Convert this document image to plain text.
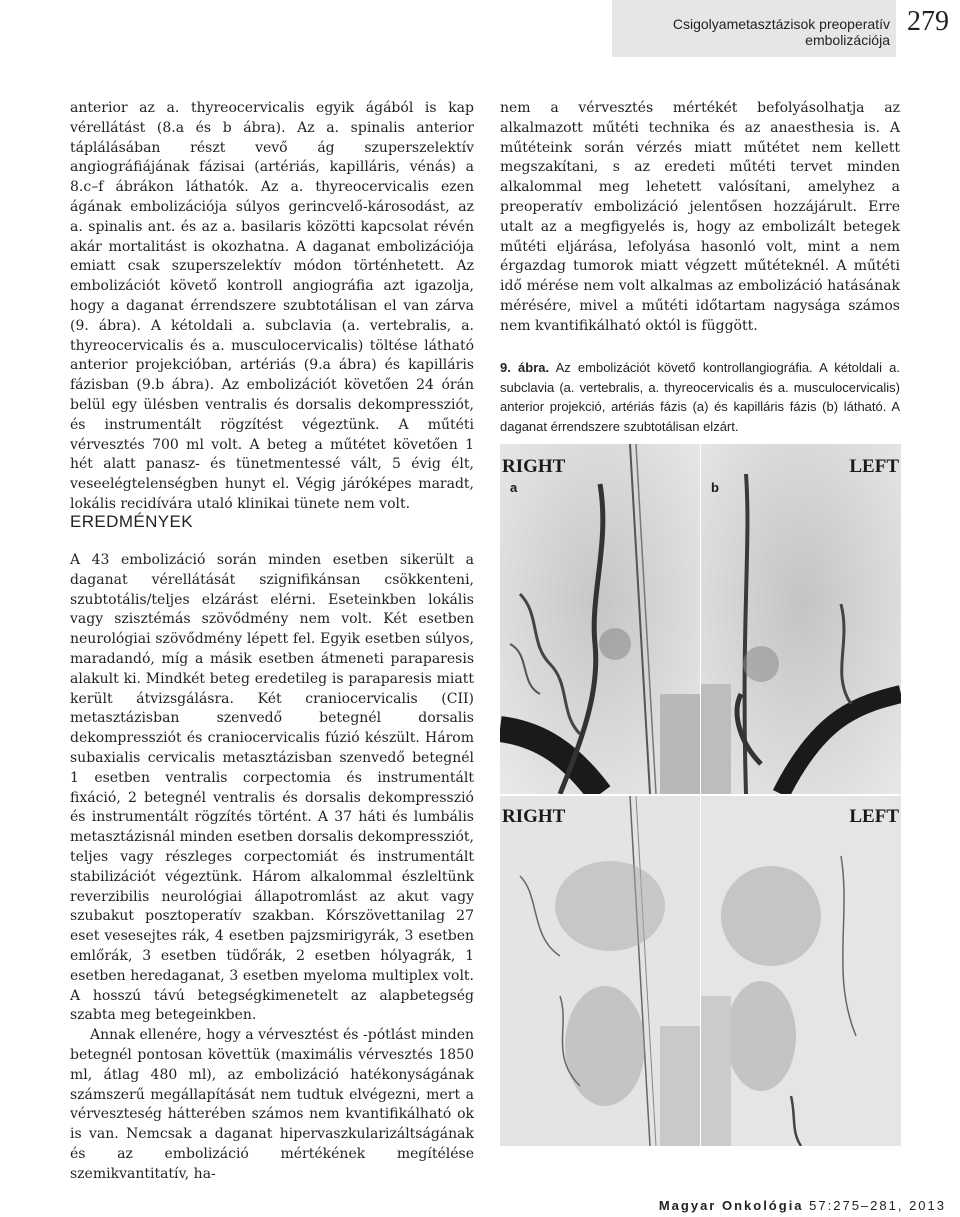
Csigolyametasztázisok preoperatív embolizációja
279

anterior az a. thyreocervicalis egyik ágából is kap vérellátást (8.a és b ábra). Az a. spinalis anterior táplálásában részt vevő ág szuperszelektív angiográfiájának fázisai (artériás, kapilláris, vénás) a 8.c–f ábrákon láthatók. Az a. thyreocervicalis ezen ágának embolizációja súlyos gerincvelő-károsodást, az a. spinalis ant. és az a. basilaris közötti kapcsolat révén akár mortalitást is okozhatna. A daganat embolizációja emiatt csak szuperszelektív módon történhetett. Az embolizációt követő kontroll angiográfia azt igazolja, hogy a daganat érrendszere szubtotálisan el van zárva (9. ábra). A kétoldali a. subclavia (a. vertebralis, a. thyreocervicalis és a. musculocervicalis) töltése látható anterior projekcióban, artériás (9.a ábra) és kapilláris fázisban (9.b ábra). Az embolizációt követően 24 órán belül egy ülésben ventralis és dorsalis dekompressziót, és instrumentált rögzítést végeztünk. A műtéti vérvesztés 700 ml volt. A beteg a műtétet követően 1 hét alatt panasz- és tünetmentessé vált, 5 évig élt, veseelégtelenségben hunyt el. Végig járóképes maradt, lokális recidívára utaló klinikai tünete nem volt.

EREDMÉNYEK

A 43 embolizáció során minden esetben sikerült a daganat vérellátását szignifikánsan csökkenteni, szubtotális/teljes elzárást elérni. Eseteinkben lokális vagy szisztémás szövődmény nem volt. Két esetben neurológiai szövődmény lépett fel. Egyik esetben súlyos, maradandó, míg a másik esetben átmeneti paraparesis alakult ki. Mindkét beteg eredetileg is paraparesis miatt került átvizsgálásra. Két craniocervicalis (CII) metasztázisban szenvedő betegnél dorsalis dekompressziót és craniocervicalis fúzió készült. Három subaxialis cervicalis metasztázisban szenvedő betegnél 1 esetben ventralis corpectomia és instrumentált fixáció, 2 betegnél ventralis és dorsalis dekompresszió és instrumentált rögzítés történt. A 37 háti és lumbális metasztázisnál minden esetben dorsalis dekompressziót, teljes vagy részleges corpectomiát és instrumentált stabilizációt végeztünk. Három alkalommal észleltünk reverzibilis neurológiai állapotromlást az akut vagy szubakut posztoperatív szakban. Kórszövettanilag 27 eset vesesejtes rák, 4 esetben pajzsmirigyrák, 3 esetben emlőrák, 3 esetben tüdőrák, 2 esetben hólyagrák, 1 esetben heredaganat, 3 esetben myeloma multiplex volt. A hosszú távú betegségkimenetelt az alapbetegség szabta meg betegeinkben.

Annak ellenére, hogy a vérvesztést és -pótlást minden betegnél pontosan követtük (maximális vérvesztés 1850 ml, átlag 480 ml), az embolizáció hatékonyságának számszerű megállapítását nem tudtuk elvégezni, mert a vérveszteség hátterében számos nem kvantifikálható ok is van. Nemcsak a daganat hipervaszkularizáltságának és az embolizáció mértékének megítélése szemikvantitatív, ha-

nem a vérvesztés mértékét befolyásolhatja az alkalmazott műtéti technika és az anaesthesia is. A műtéteink során vérzés miatt műtétet nem kellett megszakítani, s az eredeti műtéti tervet minden alkalommal meg lehetett valósítani, amelyhez a preoperatív embolizáció jelentősen hozzájárult. Erre utalt az a megfigyelés is, hogy az embolizált betegek műtéti eljárása, lefolyása hasonló volt, mint a nem érgazdag tumorok miatt végzett műtéteknél. A műtéti idő mérése nem volt alkalmas az embolizáció hatásának mérésére, mivel a műtéti időtartam nagysága számos nem kvantifikálható októl is függött.

9. ábra. Az embolizációt követő kontrollangiográfia. A kétoldali a. subclavia (a. vertebralis, a. thyreocervicalis és a. musculocervicalis) anterior projekció, artériás fázis (a) és kapilláris fázis (b) látható. A daganat érrendszere szubtotálisan elzárt.
RIGHT
a
LEFT
b
RIGHT	LEFT
Magyar Onkológia 57:275–281, 2013
